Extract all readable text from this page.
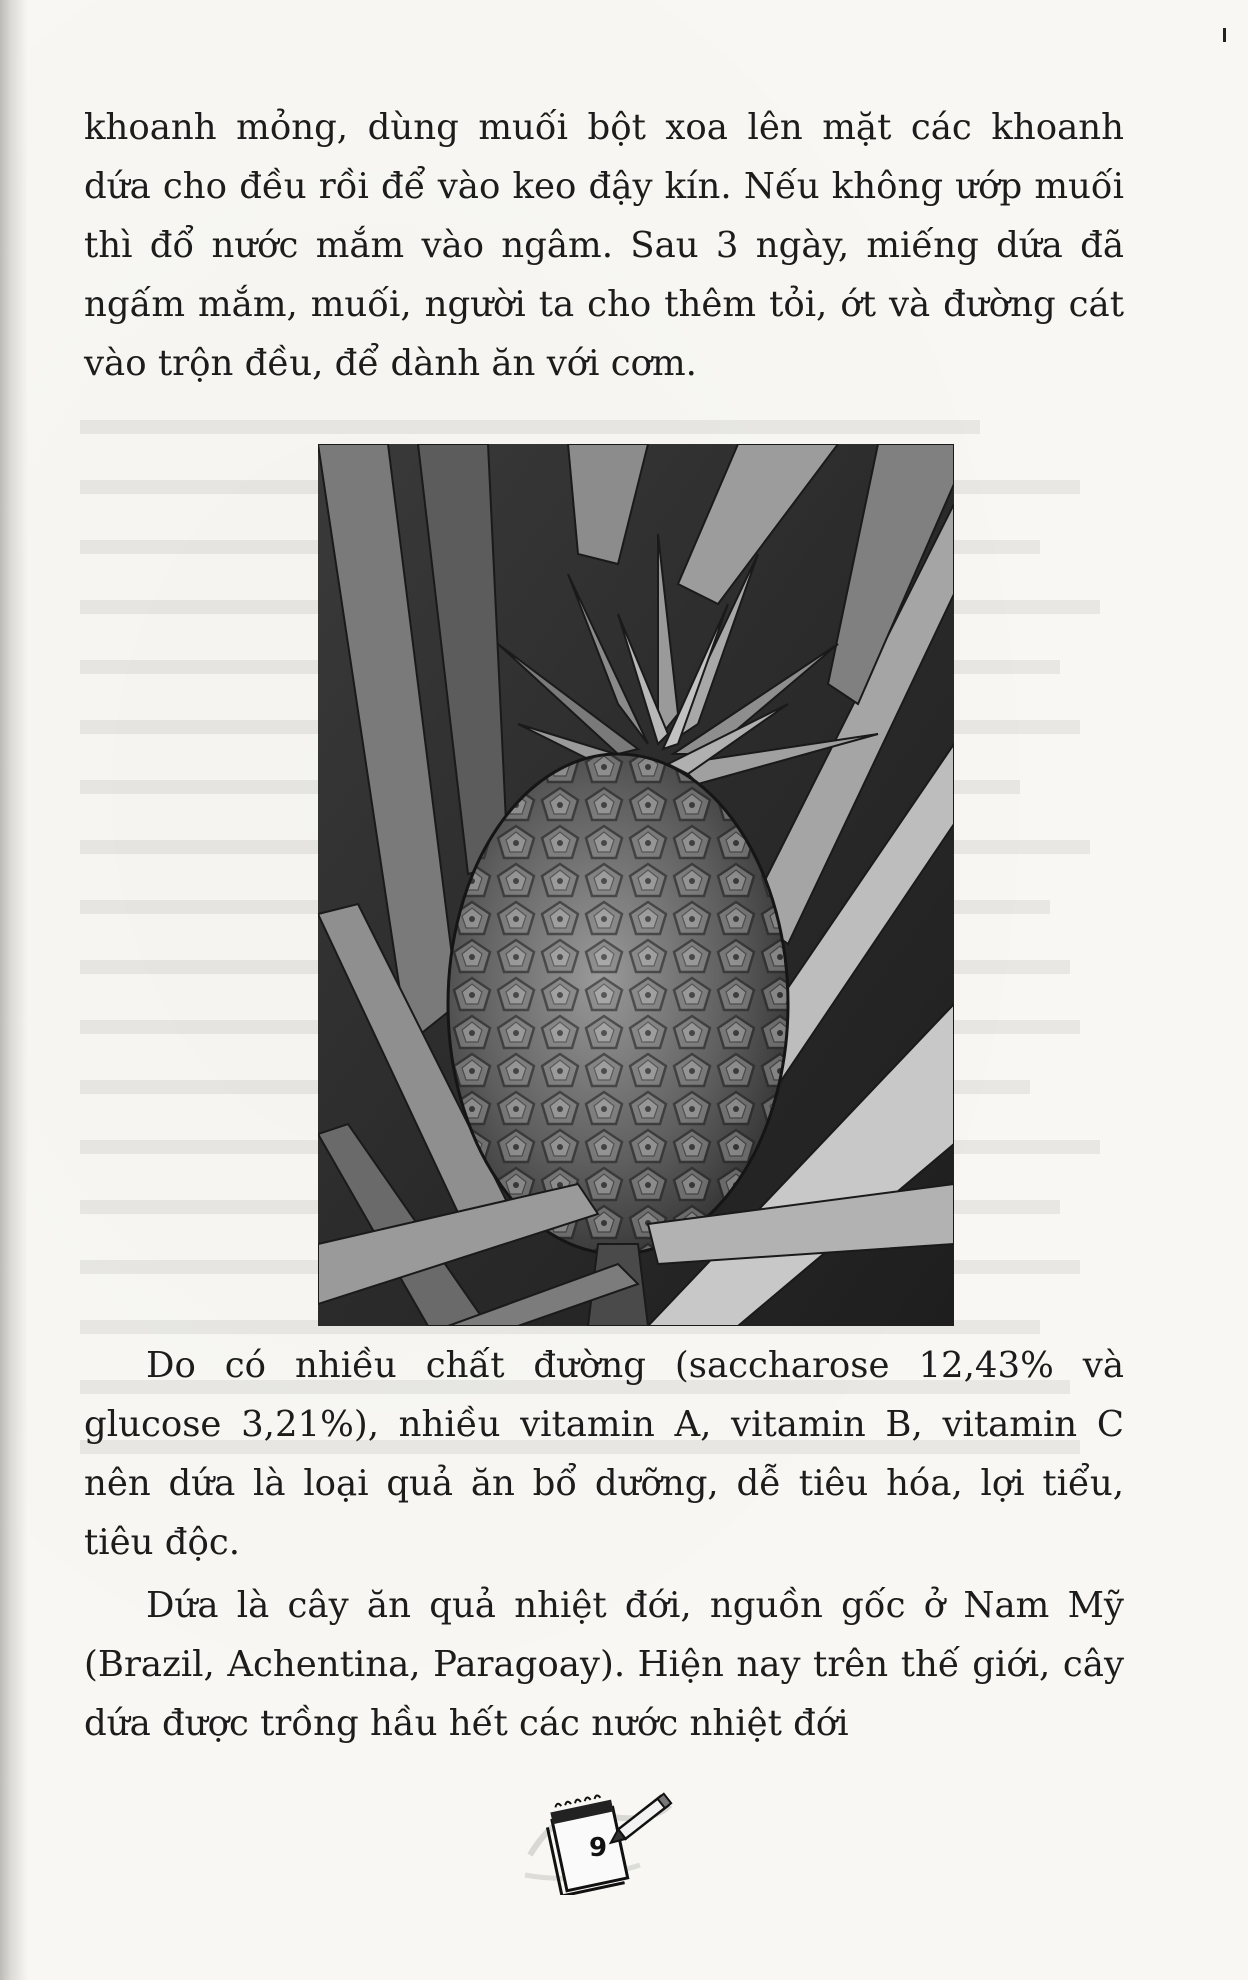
khoanh mỏng, dùng muối bột xoa lên mặt các khoanh dứa cho đều rồi để vào keo đậy kín. Nếu không ướp muối thì đổ nước mắm vào ngâm. Sau 3 ngày, miếng dứa đã ngấm mắm, muối, người ta cho thêm tỏi, ớt và đường cát vào trộn đều, để dành ăn với cơm.

Do có nhiều chất đường (saccharose 12,43% và glucose 3,21%), nhiều vitamin A, vitamin B, vitamin C nên dứa là loại quả ăn bổ dưỡng, dễ tiêu hóa, lợi tiểu, tiêu độc.

Dứa là cây ăn quả nhiệt đới, nguồn gốc ở Nam Mỹ (Brazil, Achentina, Paragoay). Hiện nay trên thế giới, cây dứa được trồng hầu hết các nước nhiệt đới

9
